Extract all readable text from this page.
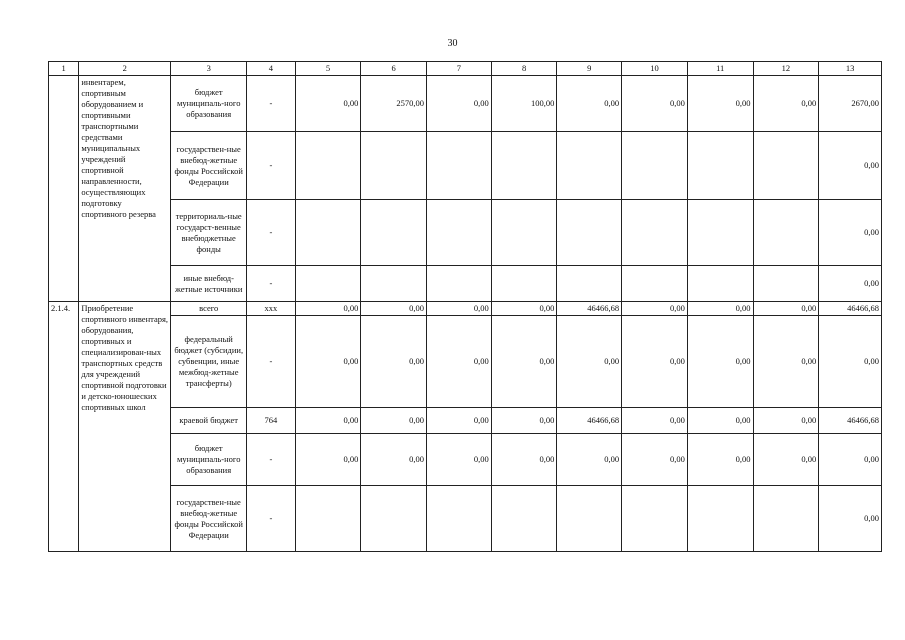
30
1	2	3	4	5	6	7	8	9	10	11	12	13
	инвентарем, спортивным оборудованием и спортивными транспортными средствами муниципальных учреждений спортивной направленности, осуществляющих подготовку спортивного резерва	бюджет муниципаль-ного образования	-	0,00	2570,00	0,00	100,00	0,00	0,00	0,00	0,00	2670,00
		государствен-ные внебюд-жетные фонды Российской Федерации	-									0,00
		территориаль-ные государст-венные внебюджетные фонды	-									0,00
		иные внебюд-жетные источники	-									0,00
2.1.4.	Приобретение спортивного инвентаря, оборудования, спортивных и специализирован-ных транспортных средств для учреждений спортивной подготовки и детско-юношеских спортивных школ	всего	ххх	0,00	0,00	0,00	0,00	46466,68	0,00	0,00	0,00	46466,68
		федеральный бюджет (субсидии, субвенции, иные межбюд-жетные трансферты)	-	0,00	0,00	0,00	0,00	0,00	0,00	0,00	0,00	0,00
		краевой бюджет	764	0,00	0,00	0,00	0,00	46466,68	0,00	0,00	0,00	46466,68
		бюджет муниципаль-ного образования	-	0,00	0,00	0,00	0,00	0,00	0,00	0,00	0,00	0,00
		государствен-ные внебюд-жетные фонды Российской Федерации	-									0,00
